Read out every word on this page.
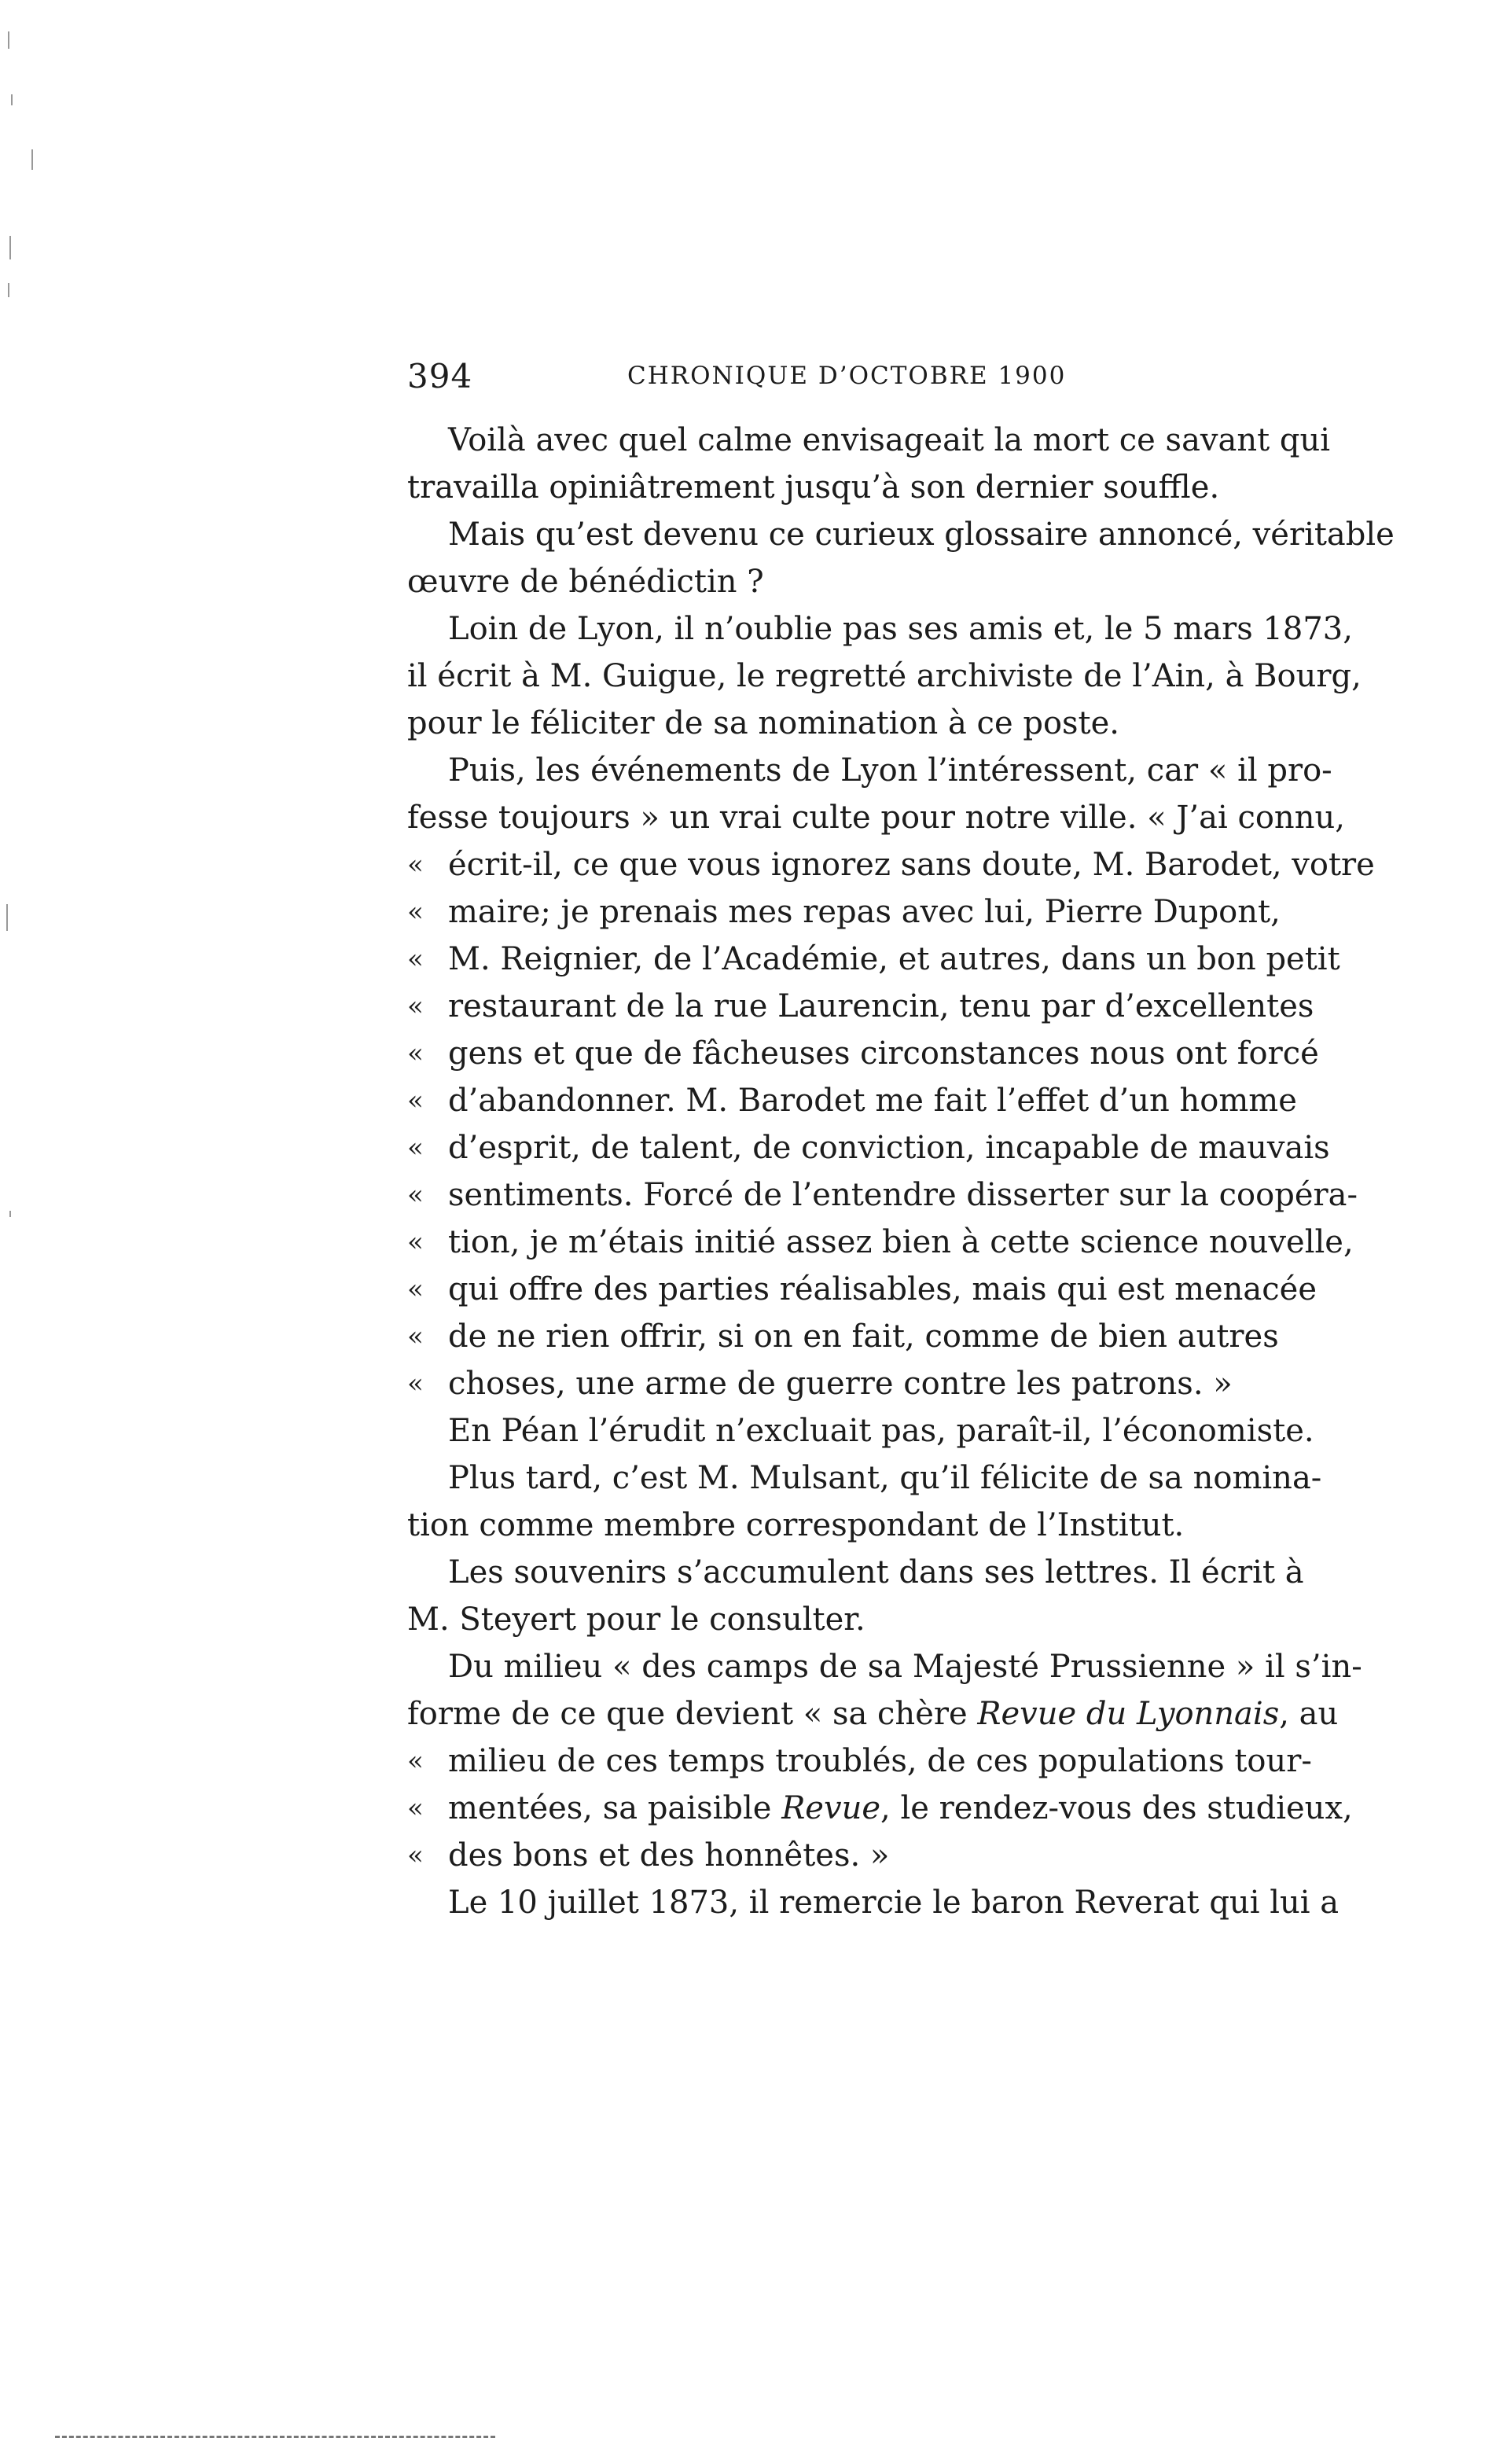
394	CHRONIQUE D’OCTOBRE 1900
Voilà avec quel calme envisageait la mort ce savant qui
travailla opiniâtrement jusqu’à son dernier souffle.
Mais qu’est devenu ce curieux glossaire annoncé, véritable
œuvre de bénédictin ?
Loin de Lyon, il n’oublie pas ses amis et, le 5 mars 1873,
il écrit à M. Guigue, le regretté archiviste de l’Ain, à Bourg,
pour le féliciter de sa nomination à ce poste.
Puis, les événements de Lyon l’intéressent, car « il pro-
fesse toujours » un vrai culte pour notre ville. « J’ai connu,
« écrit-il, ce que vous ignorez sans doute, M. Barodet, votre
« maire; je prenais mes repas avec lui, Pierre Dupont,
« M. Reignier, de l’Académie, et autres, dans un bon petit
« restaurant de la rue Laurencin, tenu par d’excellentes
« gens et que de fâcheuses circonstances nous ont forcé
« d’abandonner. M. Barodet me fait l’effet d’un homme
« d’esprit, de talent, de conviction, incapable de mauvais
« sentiments. Forcé de l’entendre disserter sur la coopéra-
« tion, je m’étais initié assez bien à cette science nouvelle,
« qui offre des parties réalisables, mais qui est menacée
« de ne rien offrir, si on en fait, comme de bien autres
« choses, une arme de guerre contre les patrons. »
En Péan l’érudit n’excluait pas, paraît-il, l’économiste.
Plus tard, c’est M. Mulsant, qu’il félicite de sa nomina-
tion comme membre correspondant de l’Institut.
Les souvenirs s’accumulent dans ses lettres. Il écrit à
M. Steyert pour le consulter.
Du milieu « des camps de sa Majesté Prussienne » il s’in-
forme de ce que devient « sa chère Revue du Lyonnais, au
« milieu de ces temps troublés, de ces populations tour-
« mentées, sa paisible Revue, le rendez-vous des studieux,
« des bons et des honnêtes. »
Le 10 juillet 1873, il remercie le baron Reverat qui lui a
